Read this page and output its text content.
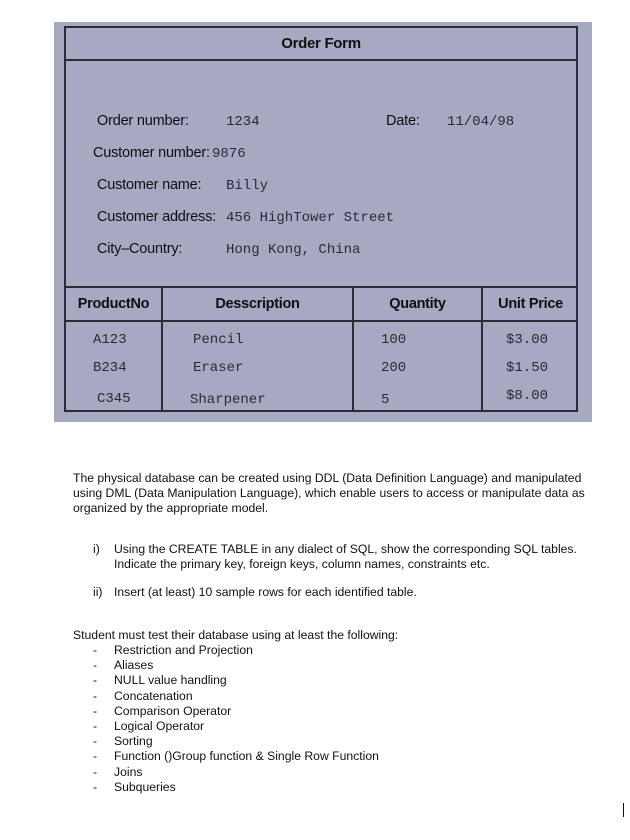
Order Form
Order number:	1234	Date: 11/04/98
Customer number: 9876
Customer name: Billy
Customer address: 456 HighTower Street
City–Country:	Hong Kong, China
ProductNo	Desscription	Quantity	Unit Price
A123	Pencil	100	$3.00
B234	Eraser	200	$1.50
C345	Sharpener	5	$8.00
The physical database can be created using DDL (Data Definition Language) and manipulated using DML (Data Manipulation Language), which enable users to access or manipulate data as organized by the appropriate model.
i) Using the CREATE TABLE in any dialect of SQL, show the corresponding SQL tables. Indicate the primary key, foreign keys, column names, constraints etc.
ii) Insert (at least) 10 sample rows for each identified table.
Student must test their database using at least the following:
- Restriction and Projection
- Aliases
- NULL value handling
- Concatenation
- Comparison Operator
- Logical Operator
- Sorting
- Function ()Group function & Single Row Function
- Joins
- Subqueries
